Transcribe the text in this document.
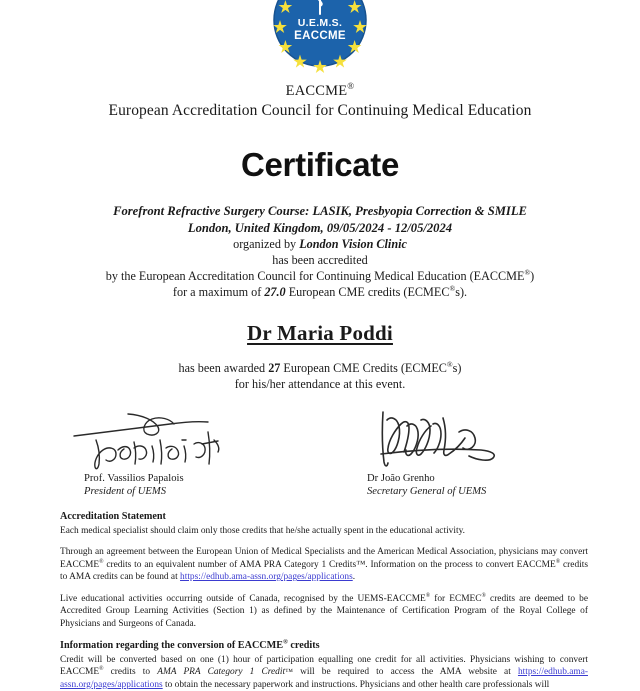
U.E.M.S.
EACCME
EACCME®
European Accreditation Council for Continuing Medical Education
Certificate
Forefront Refractive Surgery Course: LASIK, Presbyopia Correction & SMILE
London, United Kingdom, 09/05/2024 - 12/05/2024
organized by London Vision Clinic
has been accredited
by the European Accreditation Council for Continuing Medical Education (EACCME®)
for a maximum of 27.0 European CME credits (ECMEC®s).
Dr Maria Poddi
has been awarded 27 European CME Credits (ECMEC®s)
for his/her attendance at this event.
Prof. Vassilios Papalois
President of UEMS
Dr João Grenho
Secretary General of UEMS
Accreditation Statement

Each medical specialist should claim only those credits that he/she actually spent in the educational activity.

Through an agreement between the European Union of Medical Specialists and the American Medical Association, physicians may convert EACCME® credits to an equivalent number of AMA PRA Category 1 Credits™. Information on the process to convert EACCME® credits to AMA credits can be found at https://edhub.ama-assn.org/pages/applications.

Live educational activities occurring outside of Canada, recognised by the UEMS-EACCME® for ECMEC® credits are deemed to be Accredited Group Learning Activities (Section 1) as defined by the Maintenance of Certification Program of the Royal College of Physicians and Surgeons of Canada.

Information regarding the conversion of EACCME® credits

Credit will be converted based on one (1) hour of participation equalling one credit for all activities. Physicians wishing to convert EACCME® credits to AMA PRA Category 1 Credit™ will be required to access the AMA website at https://edhub.ama-assn.org/pages/applications to obtain the necessary paperwork and instructions. Physicians and other health care professionals will
